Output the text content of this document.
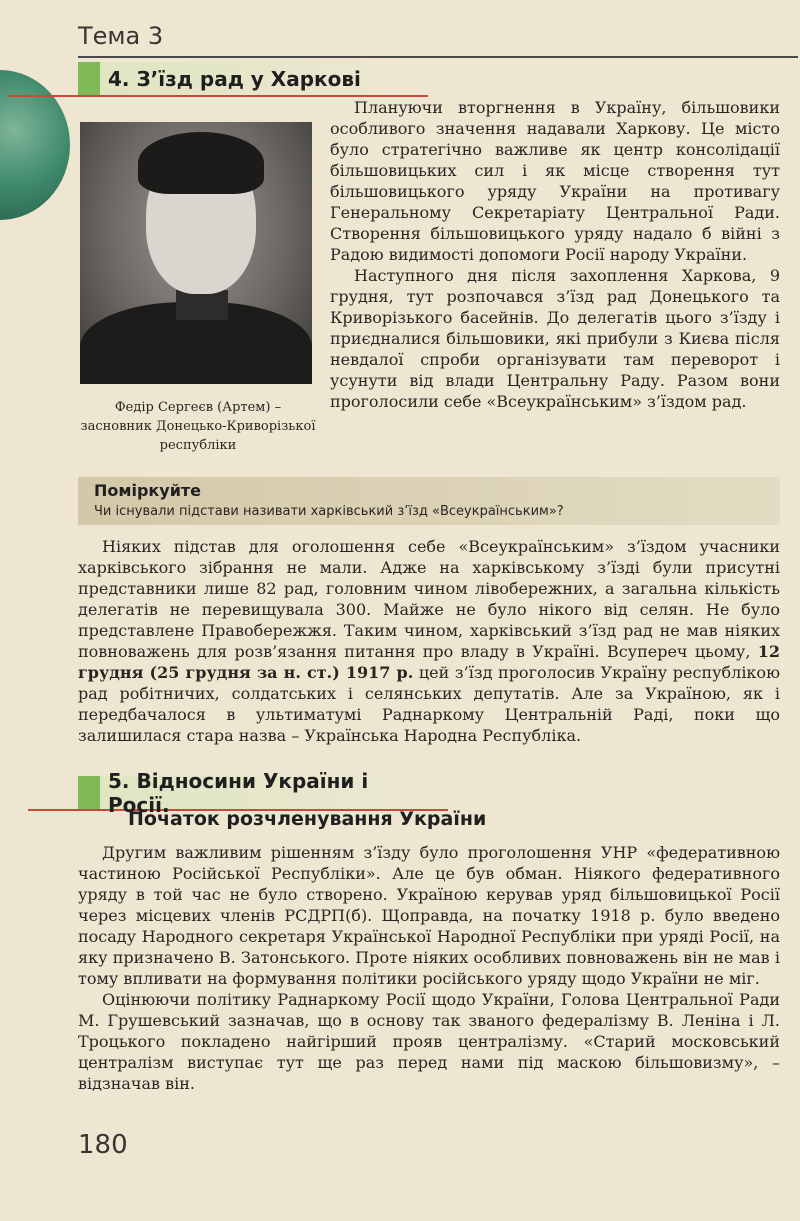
Тема 3
4. З’їзд рад у Харкові
Федір Сергеєв (Артем) – засновник Донецько-Криворізької республіки

Плануючи вторгнення в Україну, більшовики особливого значення надавали Харкову. Це місто було стратегічно важливе як центр консолідації більшовицьких сил і як місце створення тут більшовицького уряду України на противагу Генеральному Секретаріату Центральної Ради. Створення більшовицького уряду надало б війні з Радою видимості допомоги Росії народу України.

Наступного дня після захоплення Харкова, 9 грудня, тут розпочався з’їзд рад Донецького та Криворізького басейнів. До делегатів цього з’їзду і приєдналися більшовики, які прибули з Києва після невдалої спроби організувати там переворот і усунути від влади Центральну Раду. Разом вони проголосили себе «Всеукраїнським» з’їздом рад.

Поміркуйте
Чи існували підстави називати харківський з’їзд «Всеукраїнським»?

Ніяких підстав для оголошення себе «Всеукраїнським» з’їздом учасники харківського зібрання не мали. Адже на харківському з’їзді були присутні представники лише 82 рад, головним чином лівобережних, а загальна кількість делегатів не перевищувала 300. Майже не було нікого від селян. Не було представлене Правобережжя. Таким чином, харківський з’їзд рад не мав ніяких повноважень для розв’язання питання про владу в Україні. Всупереч цьому, 12 грудня (25 грудня за н. ст.) 1917 р. цей з’їзд проголосив Україну республікою рад робітничих, солдатських і селянських депутатів. Але за Україною, як і передбачалося в ультиматумі Раднаркому Центральній Раді, поки що залишилася стара назва – Українська Народна Республіка.

5. Відносини України і Росії.
Початок розчленування України

Другим важливим рішенням з’їзду було проголошення УНР «федеративною частиною Російської Республіки». Але це був обман. Ніякого федеративного уряду в той час не було створено. Україною керував уряд більшовицької Росії через місцевих членів РСДРП(б). Щоправда, на початку 1918 р. було введено посаду Народного секретаря Української Народної Республіки при уряді Росії, на яку призначено В. Затонського. Проте ніяких особливих повноважень він не мав і тому впливати на формування політики російського уряду щодо України не міг.

Оцінюючи політику Раднаркому Росії щодо України, Голова Центральної Ради М. Грушевський зазначав, що в основу так званого федералізму В. Леніна і Л. Троцького покладено найгірший прояв централізму. «Старий московський централізм виступає тут ще раз перед нами під маскою більшовизму», – відзначав він.

180
